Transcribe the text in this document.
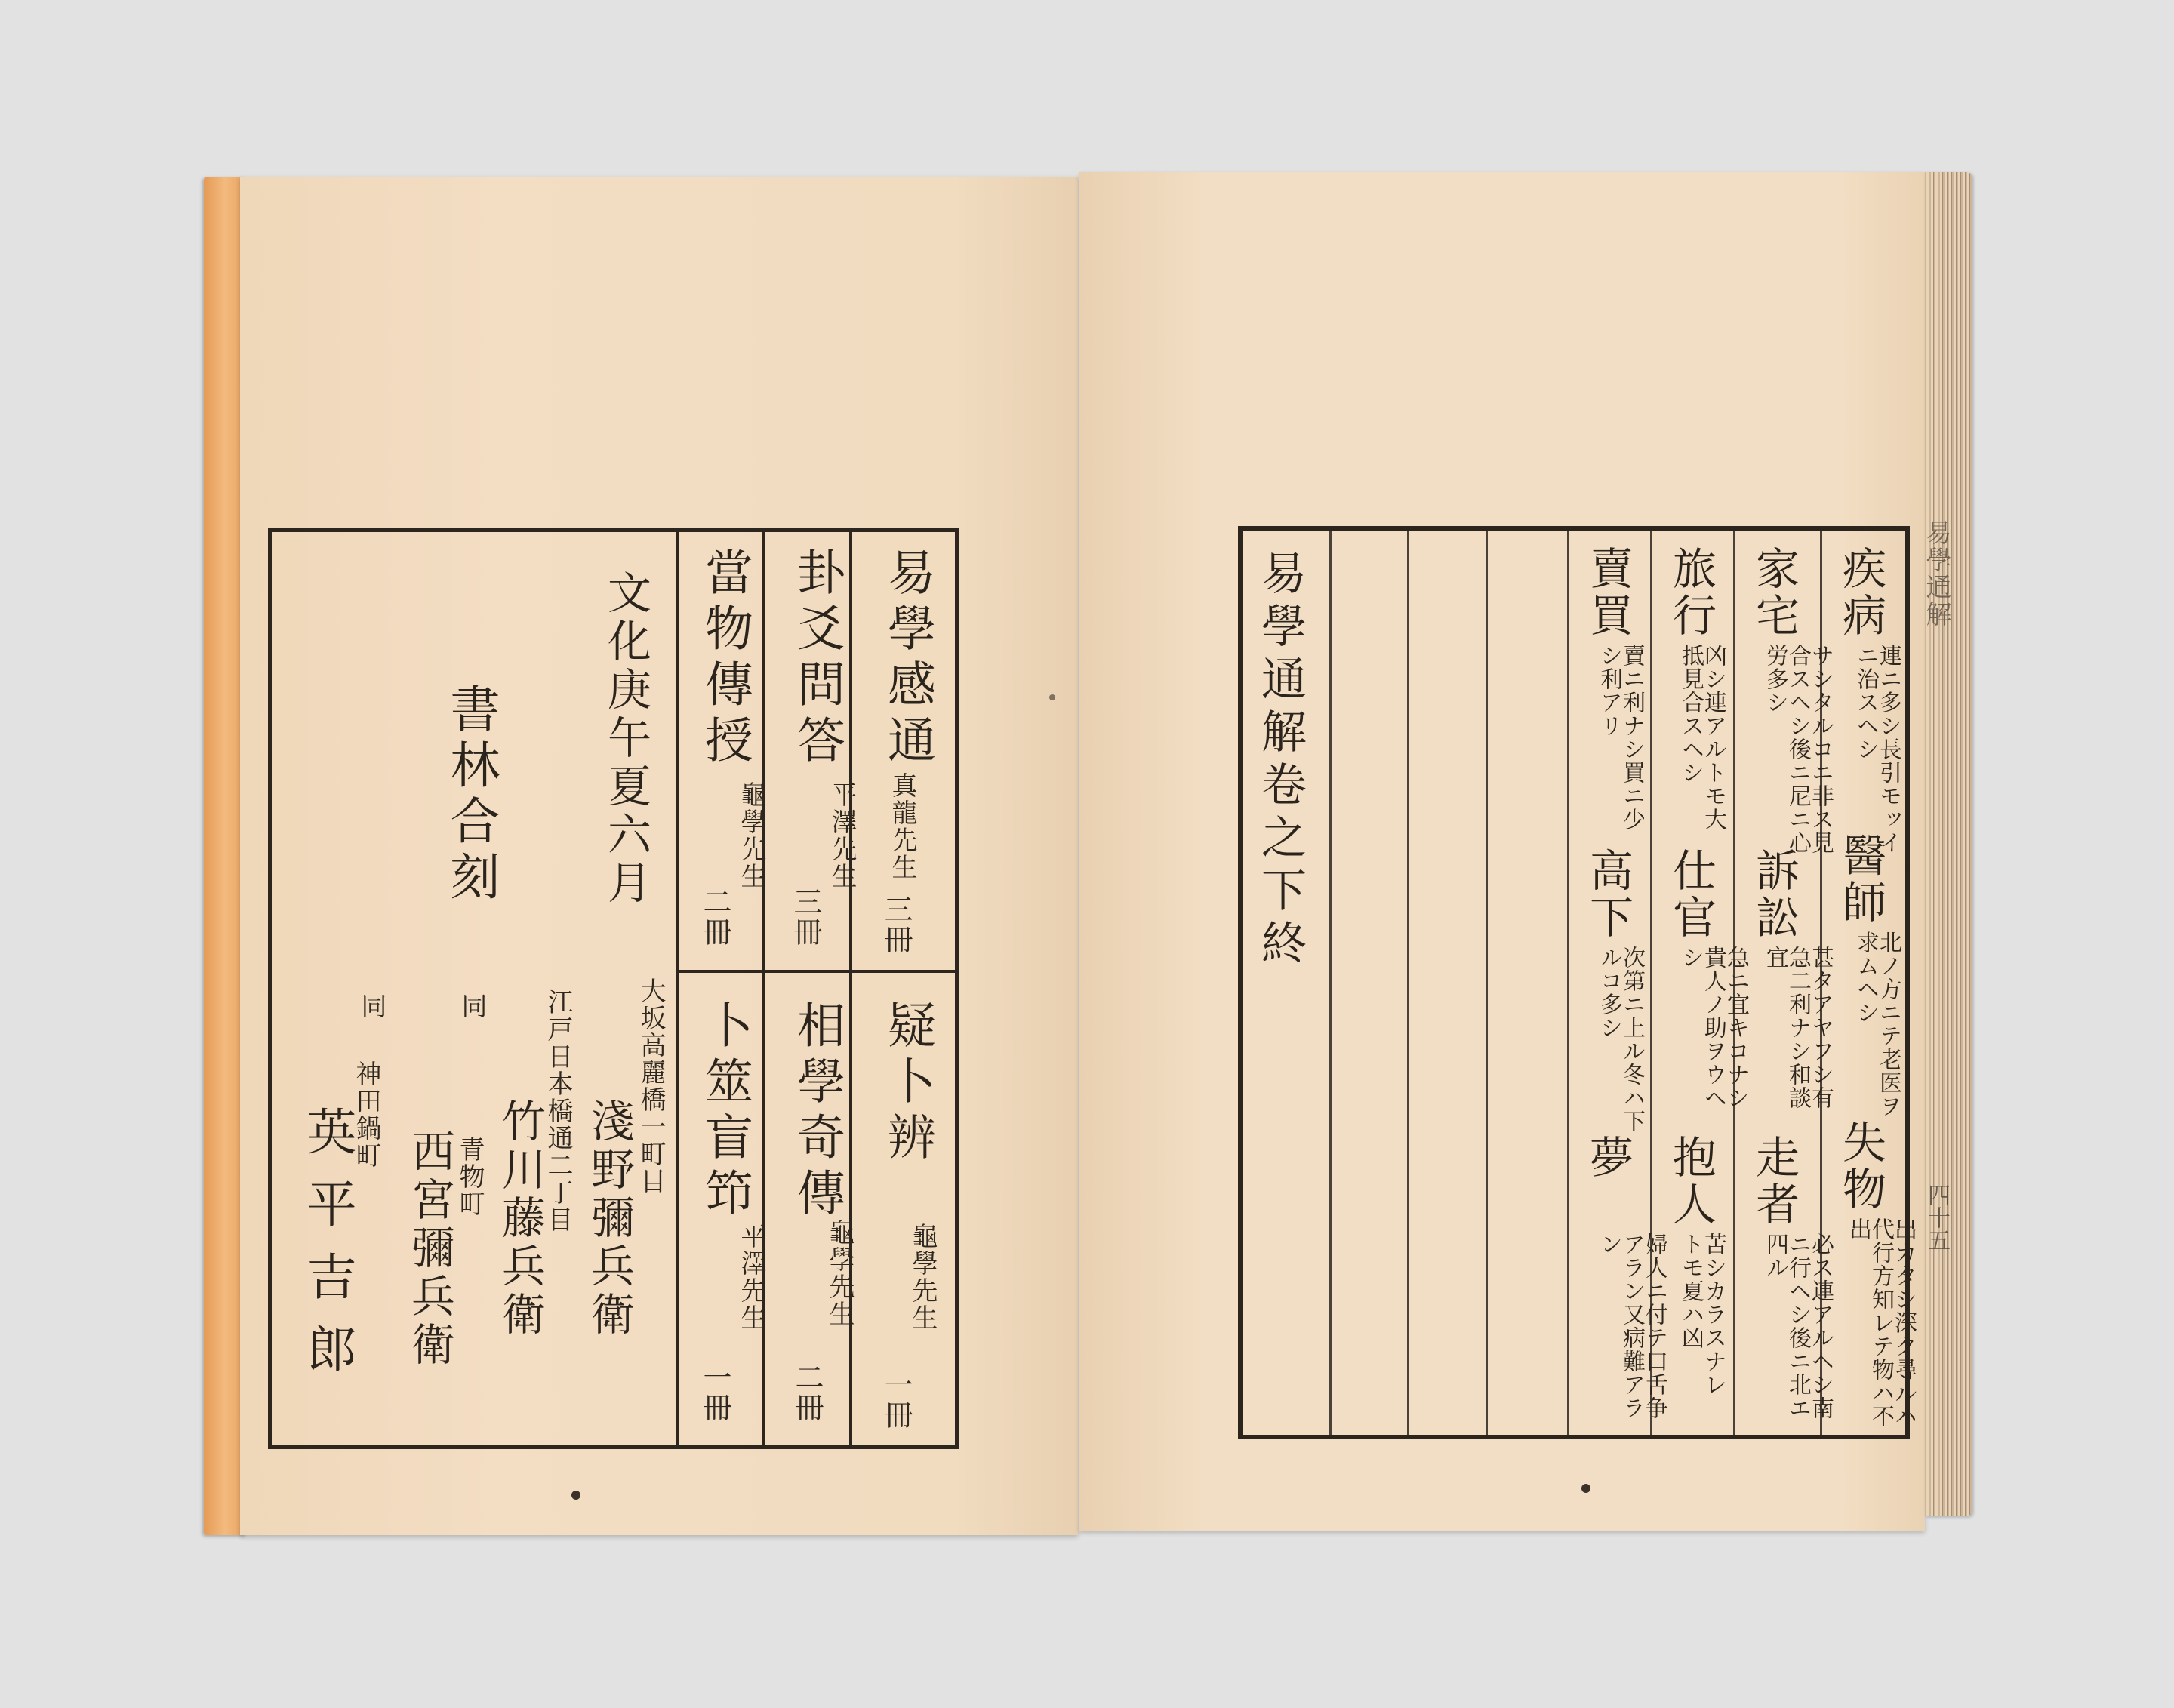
易學通解
四十五
易學感通
真龍先生
三冊
疑卜辨
龜學先生
一冊
卦爻問答
平澤先生
三冊
相學奇傳
龜學先生
二冊
當物傳授
龜學先生
二冊
卜筮盲笻
平澤先生
一冊
文化庚午夏六月
書林合刻
大坂高麗橋一町目
淺野彌兵衛
同 江戸日本橋通二丁目
竹川藤兵衛
青物町
西宮彌兵衛
同
神田鍋町
英平吉郎
易學通解卷之下終	疾病
連ニ多シ長引モッイニ治スヘシ
醫師
北ノ方ニテ老医ヲ求ムヘシ
失物
出カタシ深ク尋ルハ代行方知レテ物ハ不出
家宅
サシタルコニ非ス見合スヘシ後ニ尼ニ心労多シ
訴訟
甚タアヤフシ有急二利ナシ和談宜
走者
必ス連アルヘシ南ニ行ヘシ後ニ北エ四ル
旅行
凶シ連アルトモ大抵見合スヘシ
仕官
急ニ宜キコナシ貴人ノ助ヲウヘシ
抱人
苦シカラスナレトモ夏ハ凶
賣買
賣ニ利ナシ買ニ少シ利アリ
高下
次第ニ上ル冬ハ下ルコ多シ
夢
婦人ニ付テ口舌争アラン又病難アラン
